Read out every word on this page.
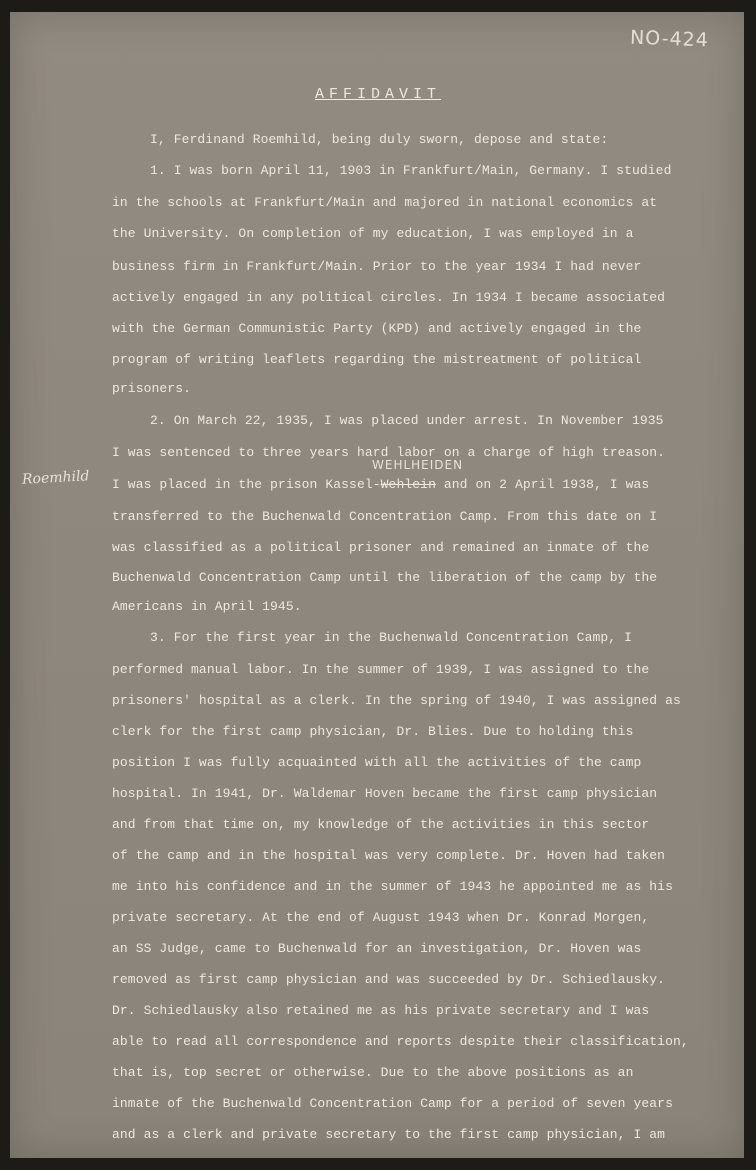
NO-424
AFFIDAVIT
I, Ferdinand Roemhild, being duly sworn, depose and state:
1. I was born April 11, 1903 in Frankfurt/Main, Germany. I studied
in the schools at Frankfurt/Main and majored in national economics at
the University. On completion of my education, I was employed in a
business firm in Frankfurt/Main. Prior to the year 1934 I had never
actively engaged in any political circles. In 1934 I became associated
with the German Communistic Party (KPD) and actively engaged in the
program of writing leaflets regarding the mistreatment of political
prisoners.
2. On March 22, 1935, I was placed under arrest. In November 1935
I was sentenced to three years hard labor on a charge of high treason.
I was placed in the prison Kassel-Wehlein and on 2 April 1938, I was
transferred to the Buchenwald Concentration Camp. From this date on I
was classified as a political prisoner and remained an inmate of the
Buchenwald Concentration Camp until the liberation of the camp by the
Americans in April 1945.
3. For the first year in the Buchenwald Concentration Camp, I
performed manual labor. In the summer of 1939, I was assigned to the
prisoners' hospital as a clerk. In the spring of 1940, I was assigned as
clerk for the first camp physician, Dr. Blies. Due to holding this
position I was fully acquainted with all the activities of the camp
hospital. In 1941, Dr. Waldemar Hoven became the first camp physician
and from that time on, my knowledge of the activities in this sector
of the camp and in the hospital was very complete. Dr. Hoven had taken
me into his confidence and in the summer of 1943 he appointed me as his
private secretary. At the end of August 1943 when Dr. Konrad Morgen,
an SS Judge, came to Buchenwald for an investigation, Dr. Hoven was
removed as first camp physician and was succeeded by Dr. Schiedlausky.
Dr. Schiedlausky also retained me as his private secretary and I was
able to read all correspondence and reports despite their classification,
that is, top secret or otherwise. Due to the above positions as an
inmate of the Buchenwald Concentration Camp for a period of seven years
and as a clerk and private secretary to the first camp physician, I am
WEHLHEIDEN
Roemhild
